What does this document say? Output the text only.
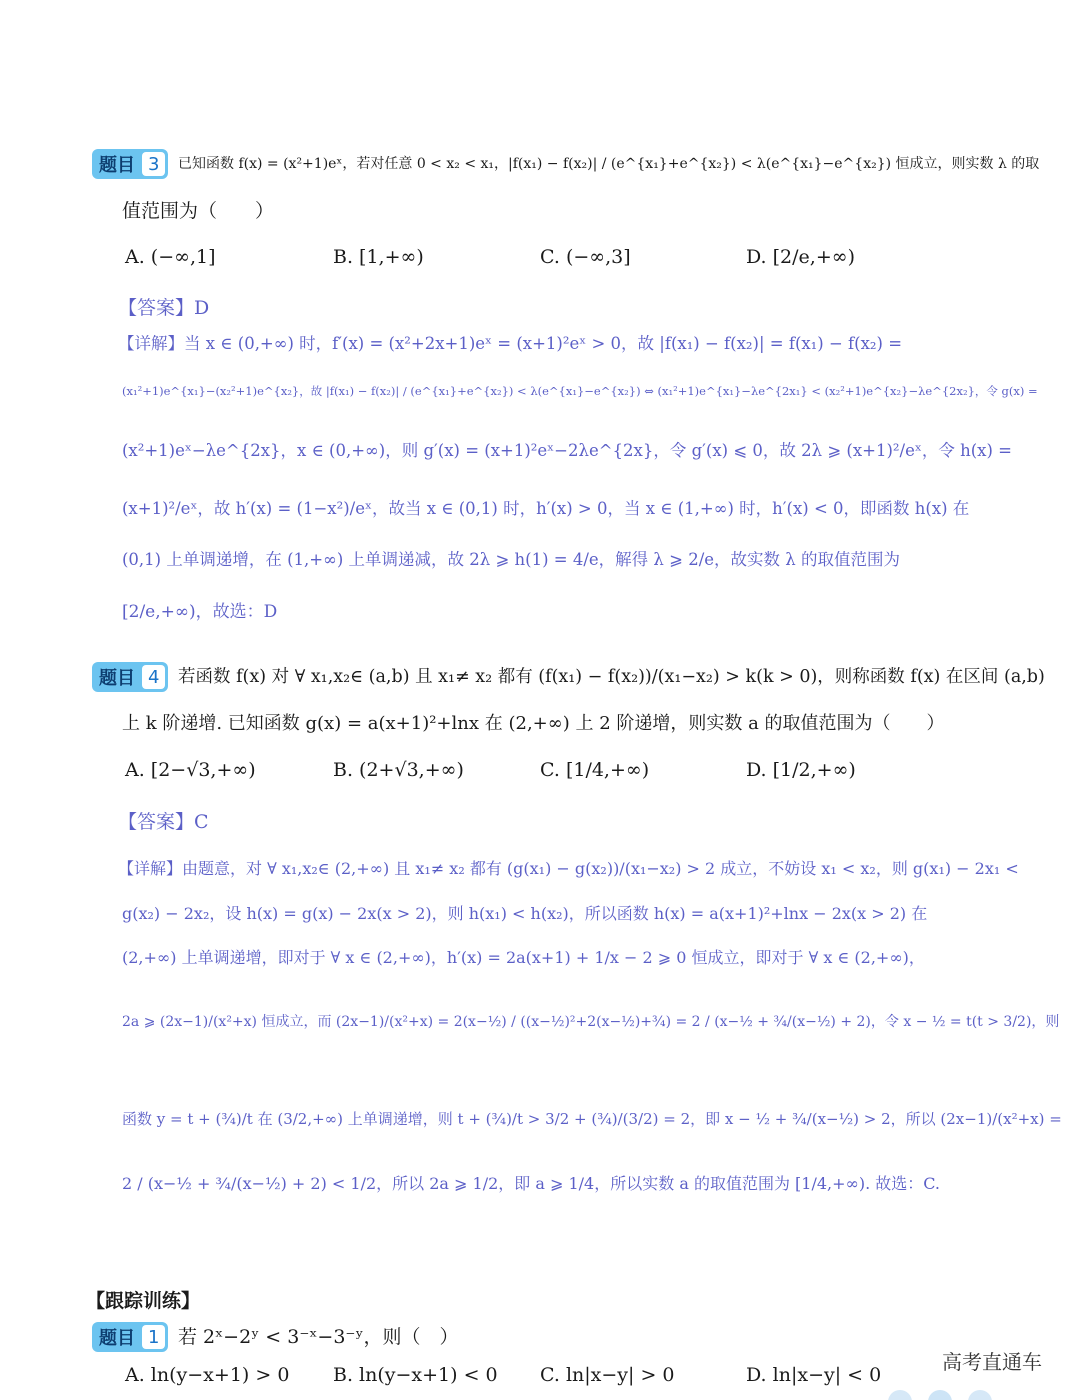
题目 3	已知函数 f(x) = (x²+1)eˣ，若对任意 0 < x₂ < x₁，|f(x₁) − f(x₂)| / (e^{x₁}+e^{x₂}) < λ(e^{x₁}−e^{x₂}) 恒成立，则实数 λ 的取
值范围为（　　）
A. (−∞,1]	B. [1,+∞)	C. (−∞,3]	D. [2/e,+∞)
【答案】D
【详解】当 x ∈ (0,+∞) 时，f′(x) = (x²+2x+1)eˣ = (x+1)²eˣ > 0，故 |f(x₁) − f(x₂)| = f(x₁) − f(x₂) =
(x₁²+1)e^{x₁}−(x₂²+1)e^{x₂}，故 |f(x₁) − f(x₂)| / (e^{x₁}+e^{x₂}) < λ(e^{x₁}−e^{x₂}) ⇔ (x₁²+1)e^{x₁}−λe^{2x₁} < (x₂²+1)e^{x₂}−λe^{2x₂}，令 g(x) =
(x²+1)eˣ−λe^{2x}，x ∈ (0,+∞)，则 g′(x) = (x+1)²eˣ−2λe^{2x}，令 g′(x) ⩽ 0，故 2λ ⩾ (x+1)²/eˣ，令 h(x) =
(x+1)²/eˣ，故 h′(x) = (1−x²)/eˣ，故当 x ∈ (0,1) 时，h′(x) > 0，当 x ∈ (1,+∞) 时，h′(x) < 0，即函数 h(x) 在
(0,1) 上单调递增，在 (1,+∞) 上单调递减，故 2λ ⩾ h(1) = 4/e，解得 λ ⩾ 2/e，故实数 λ 的取值范围为
[2/e,+∞)，故选：D
题目 4	若函数 f(x) 对 ∀ x₁,x₂∈ (a,b) 且 x₁≠ x₂ 都有 (f(x₁) − f(x₂))/(x₁−x₂) > k(k > 0)，则称函数 f(x) 在区间 (a,b)
上 k 阶递增. 已知函数 g(x) = a(x+1)²+lnx 在 (2,+∞) 上 2 阶递增，则实数 a 的取值范围为（　　）
A. [2−√3,+∞)	B. (2+√3,+∞)	C. [1/4,+∞)	D. [1/2,+∞)
【答案】C
【详解】由题意，对 ∀ x₁,x₂∈ (2,+∞) 且 x₁≠ x₂ 都有 (g(x₁) − g(x₂))/(x₁−x₂) > 2 成立，不妨设 x₁ < x₂，则 g(x₁) − 2x₁ <
g(x₂) − 2x₂，设 h(x) = g(x) − 2x(x > 2)，则 h(x₁) < h(x₂)，所以函数 h(x) = a(x+1)²+lnx − 2x(x > 2) 在
(2,+∞) 上单调递增，即对于 ∀ x ∈ (2,+∞)，h′(x) = 2a(x+1) + 1/x − 2 ⩾ 0 恒成立，即对于 ∀ x ∈ (2,+∞)，
2a ⩾ (2x−1)/(x²+x) 恒成立，而 (2x−1)/(x²+x) = 2(x−½) / ((x−½)²+2(x−½)+¾) = 2 / (x−½ + ¾/(x−½) + 2)，令 x − ½ = t(t > 3/2)，则
函数 y = t + (¾)/t 在 (3/2,+∞) 上单调递增，则 t + (¾)/t > 3/2 + (¾)/(3/2) = 2，即 x − ½ + ¾/(x−½) > 2，所以 (2x−1)/(x²+x) =
2 / (x−½ + ¾/(x−½) + 2) < 1/2，所以 2a ⩾ 1/2，即 a ⩾ 1/4，所以实数 a 的取值范围为 [1/4,+∞). 故选：C.
【跟踪训练】
题目 1 若 2ˣ−2ʸ < 3⁻ˣ−3⁻ʸ，则（　）
A. ln(y−x+1) > 0 B. ln(y−x+1) < 0 C. ln|x−y| > 0	D. ln|x−y| < 0
高考直通车
